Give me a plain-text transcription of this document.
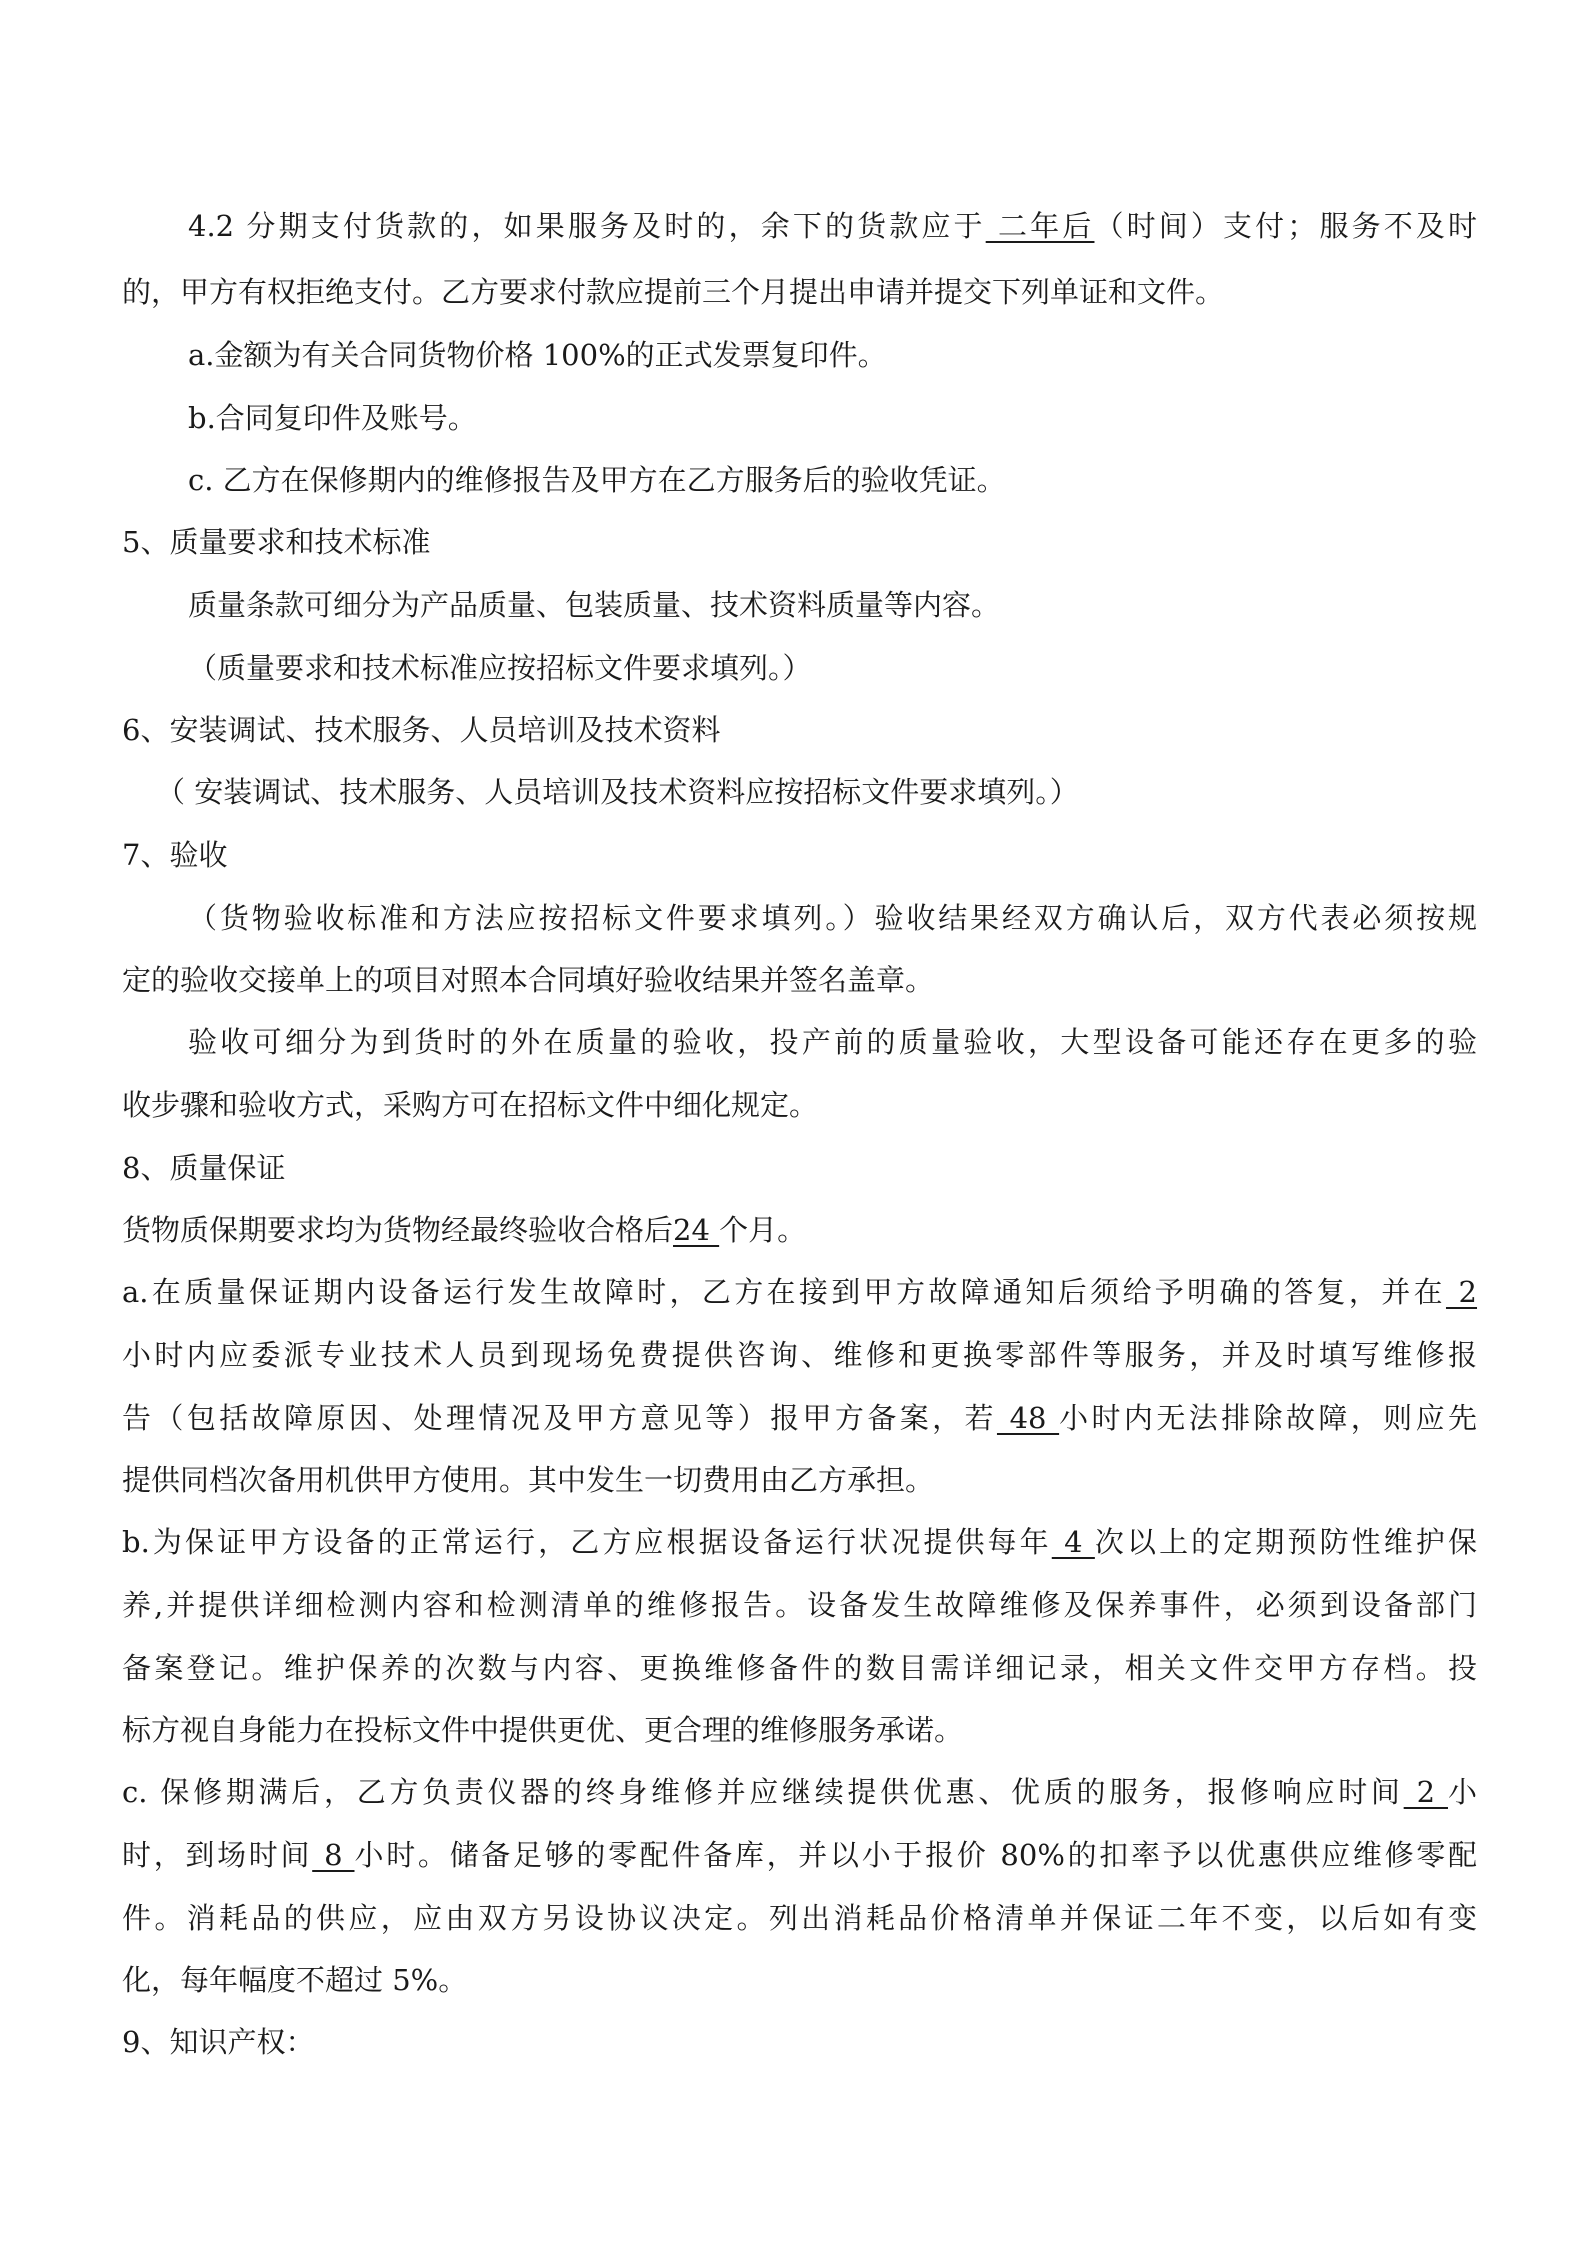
4.2 分期支付货款的，如果服务及时的，余下的货款应于 二年后（时间）支付；服务不及时
的，甲方有权拒绝支付。乙方要求付款应提前三个月提出申请并提交下列单证和文件。
a.金额为有关合同货物价格 100%的正式发票复印件。
b.合同复印件及账号。
c. 乙方在保修期内的维修报告及甲方在乙方服务后的验收凭证。
5、质量要求和技术标准
质量条款可细分为产品质量、包装质量、技术资料质量等内容。
（质量要求和技术标准应按招标文件要求填列。）
6、安装调试、技术服务、人员培训及技术资料
（ 安装调试、技术服务、人员培训及技术资料应按招标文件要求填列。）
7、验收
（货物验收标准和方法应按招标文件要求填列。）验收结果经双方确认后，双方代表必须按规
定的验收交接单上的项目对照本合同填好验收结果并签名盖章。
验收可细分为到货时的外在质量的验收，投产前的质量验收，大型设备可能还存在更多的验
收步骤和验收方式，采购方可在招标文件中细化规定。
8、质量保证
货物质保期要求均为货物经最终验收合格后24 个月。
a.在质量保证期内设备运行发生故障时，乙方在接到甲方故障通知后须给予明确的答复，并在 2
小时内应委派专业技术人员到现场免费提供咨询、维修和更换零部件等服务，并及时填写维修报
告（包括故障原因、处理情况及甲方意见等）报甲方备案，若 48 小时内无法排除故障，则应先
提供同档次备用机供甲方使用。其中发生一切费用由乙方承担。
b.为保证甲方设备的正常运行，乙方应根据设备运行状况提供每年 4 次以上的定期预防性维护保
养,并提供详细检测内容和检测清单的维修报告。设备发生故障维修及保养事件，必须到设备部门
备案登记。维护保养的次数与内容、更换维修备件的数目需详细记录，相关文件交甲方存档。投
标方视自身能力在投标文件中提供更优、更合理的维修服务承诺。
c. 保修期满后，乙方负责仪器的终身维修并应继续提供优惠、优质的服务，报修响应时间 2 小
时，到场时间 8 小时。储备足够的零配件备库，并以小于报价 80%的扣率予以优惠供应维修零配
件。消耗品的供应，应由双方另设协议决定。列出消耗品价格清单并保证二年不变，以后如有变
化，每年幅度不超过 5%。
9、知识产权：
